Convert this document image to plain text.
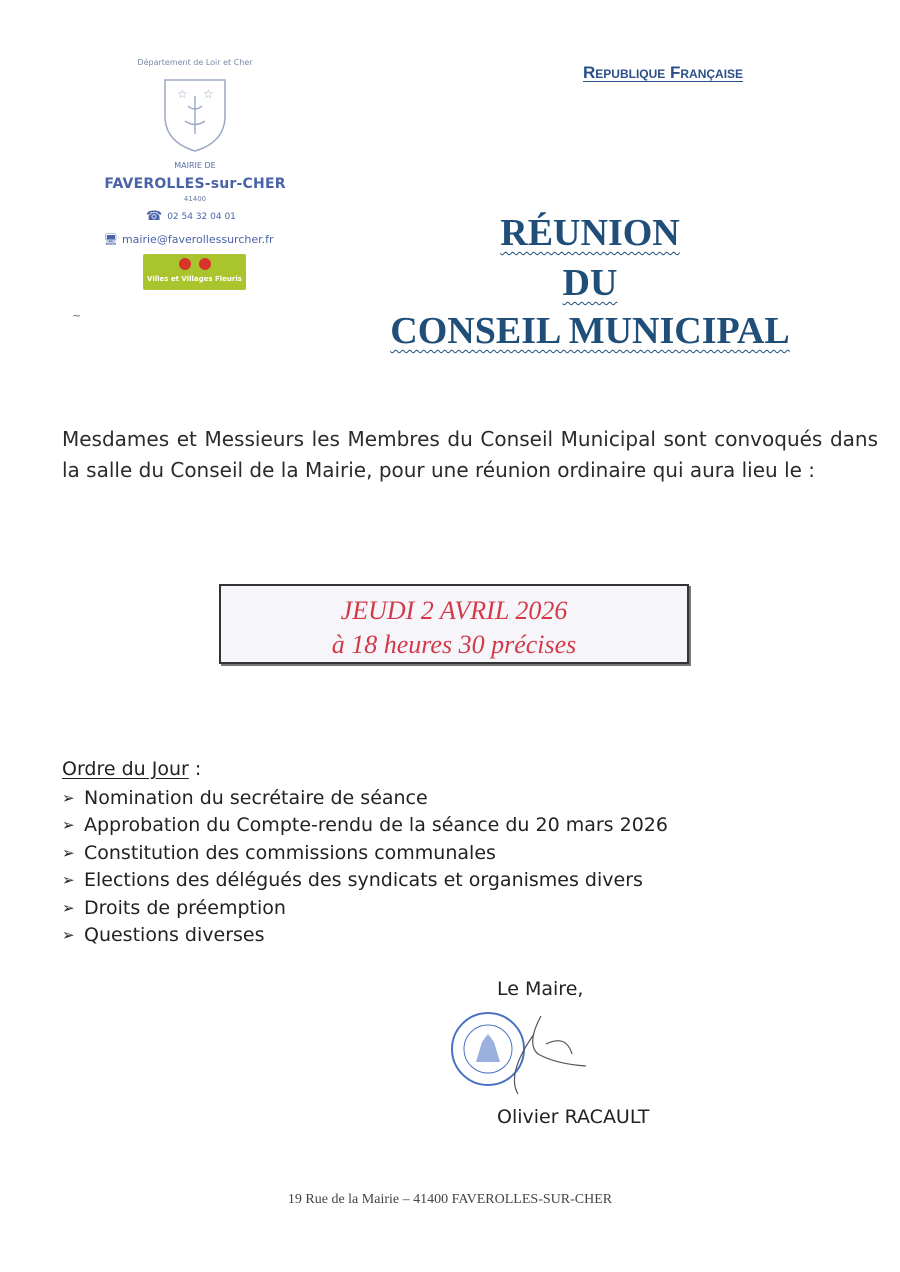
Département de Loir et Cher
☆ ☆
MAIRIE DE
FAVEROLLES-sur-CHER
41400
☎ 02 54 32 04 01
🖥 mairie@faverollessurcher.fr
Villes et Villages Fleuris
~
Republique Française
RÉUNION
DU
CONSEIL MUNICIPAL
Mesdames et Messieurs les Membres du Conseil Municipal sont convoqués dans la salle du Conseil de la Mairie, pour une réunion ordinaire qui aura lieu le :
JEUDI 2 AVRIL 2026
à 18 heures 30 précises
Ordre du Jour :
➢ Nomination du secrétaire de séance
➢ Approbation du Compte-rendu de la séance du 20 mars 2026
➢ Constitution des commissions communales
➢ Elections des délégués des syndicats et organismes divers
➢ Droits de préemption
➢ Questions diverses
Le Maire,
Olivier RACAULT
19 Rue de la Mairie – 41400 FAVEROLLES-SUR-CHER
